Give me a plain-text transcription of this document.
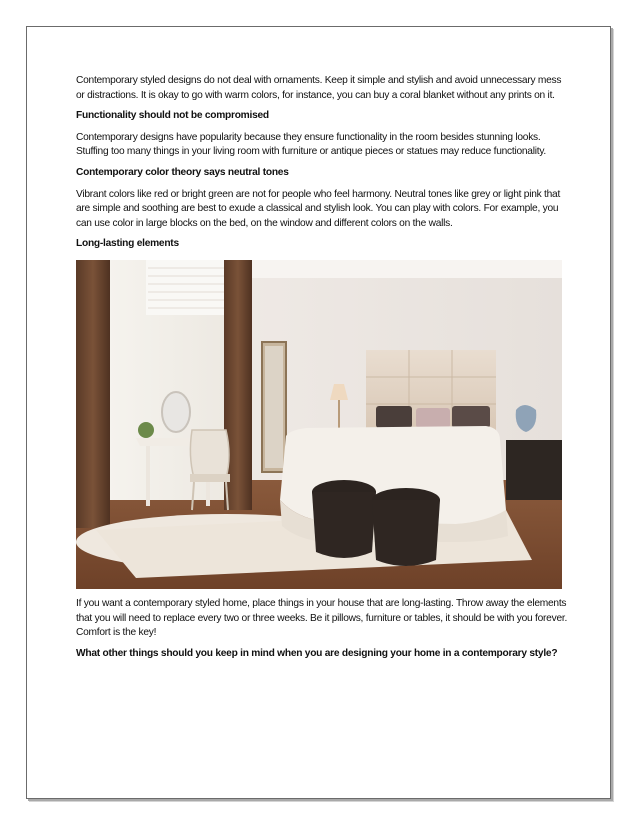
Contemporary styled designs do not deal with ornaments. Keep it simple and stylish and avoid unnecessary mess or distractions. It is okay to go with warm colors, for instance, you can buy a coral blanket without any prints on it.

Functionality should not be compromised

Contemporary designs have popularity because they ensure functionality in the room besides stunning looks. Stuffing too many things in your living room with furniture or antique pieces or statues may reduce functionality.

Contemporary color theory says neutral tones

Vibrant colors like red or bright green are not for people who feel harmony. Neutral tones like grey or light pink that are simple and soothing are best to exude a classical and stylish look. You can play with colors. For example, you can use color in large blocks on the bed, on the window and different colors on the walls.

Long-lasting elements

If you want a contemporary styled home, place things in your house that are long-lasting. Throw away the elements that you will need to replace every two or three weeks. Be it pillows, furniture or tables, it should be with you forever. Comfort is the key!

What other things should you keep in mind when you are designing your home in a contemporary style?
